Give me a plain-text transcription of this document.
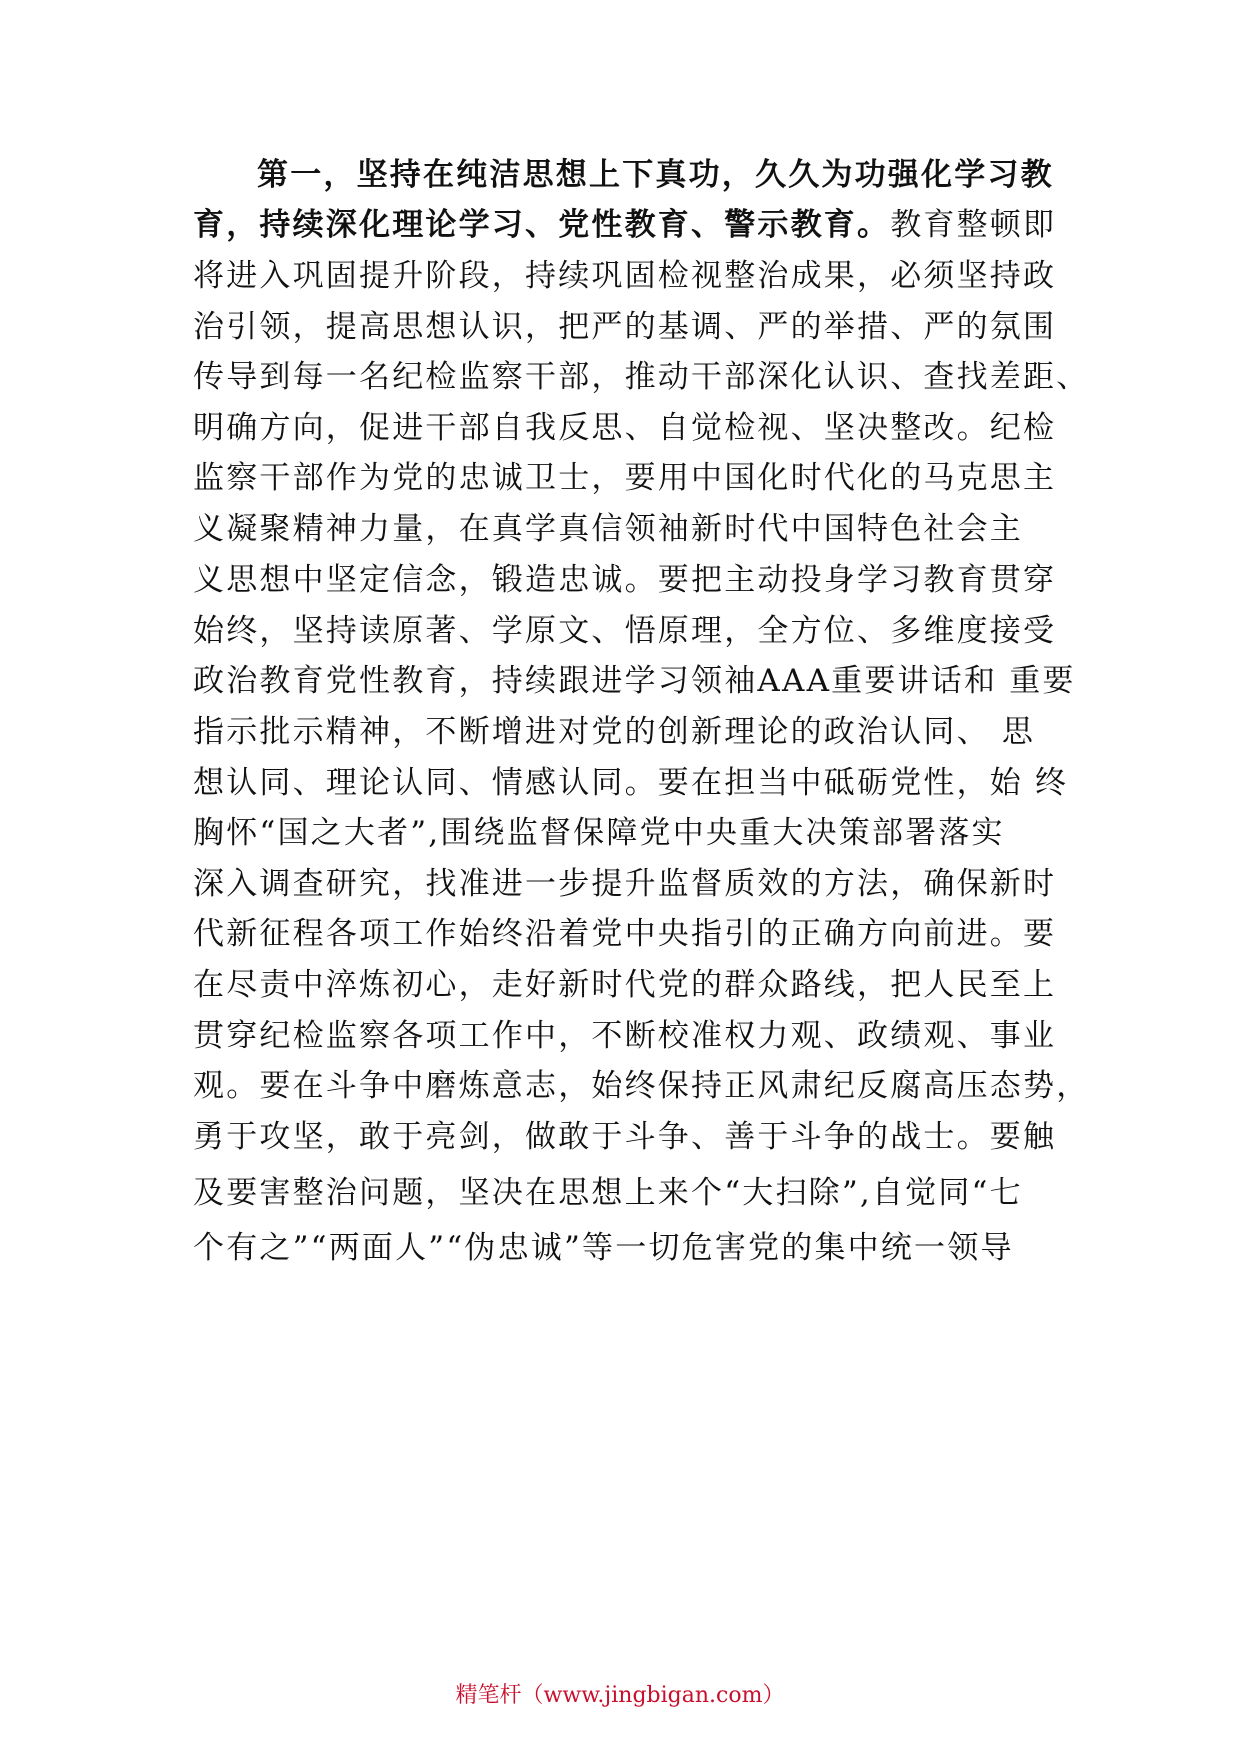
第一，坚持在纯洁思想上下真功，久久为功强化学习教
育，持续深化理论学习、党性教育、警示教育。教育整顿即
将进入巩固提升阶段，持续巩固检视整治成果，必须坚持政
治引领，提高思想认识，把严的基调、严的举措、严的氛围
传导到每一名纪检监察干部，推动干部深化认识、查找差距、
明确方向，促进干部自我反思、自觉检视、坚决整改。纪检
监察干部作为党的忠诚卫士，要用中国化时代化的马克思主
义凝聚精神力量，在真学真信领袖新时代中国特色社会主
义思想中坚定信念，锻造忠诚。要把主动投身学习教育贯穿
始终，坚持读原著、学原文、悟原理，全方位、多维度接受
政治教育党性教育，持续跟进学习领袖AAA重要讲话和 重要
指示批示精神，不断增进对党的创新理论的政治认同、 思
想认同、理论认同、情感认同。要在担当中砥砺党性，始 终
胸怀“国之大者”,围绕监督保障党中央重大决策部署落实
深入调查研究，找准进一步提升监督质效的方法，确保新时
代新征程各项工作始终沿着党中央指引的正确方向前进。要
在尽责中淬炼初心，走好新时代党的群众路线，把人民至上
贯穿纪检监察各项工作中，不断校准权力观、政绩观、事业
观。要在斗争中磨炼意志，始终保持正风肃纪反腐高压态势，
勇于攻坚，敢于亮剑，做敢于斗争、善于斗争的战士。要触
及要害整治问题，坚决在思想上来个“大扫除”,自觉同“七
个有之”“两面人”“伪忠诚”等一切危害党的集中统一领导
精笔杆（www.jingbigan.com）
